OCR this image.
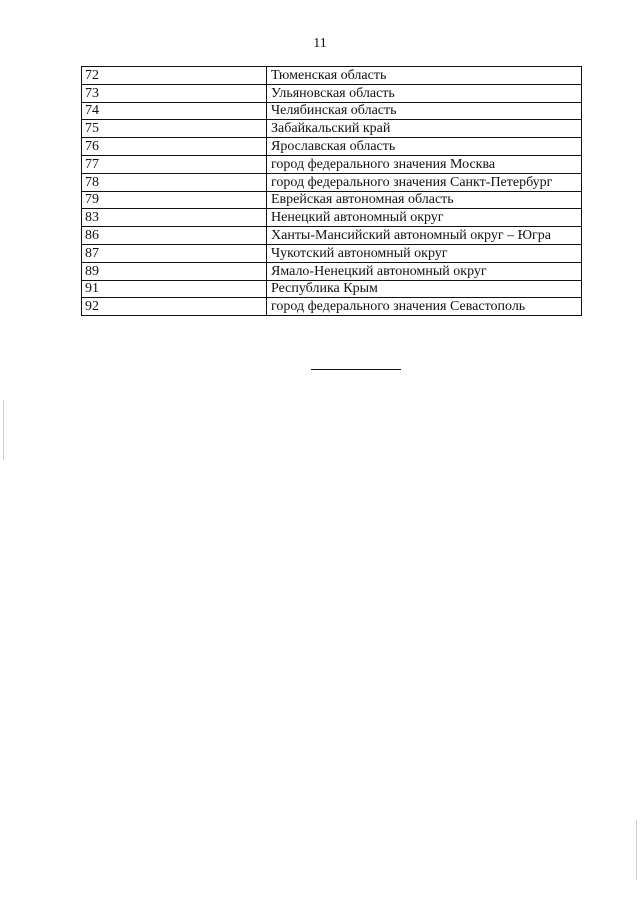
11
72	Тюменская область
73	Ульяновская область
74	Челябинская область
75	Забайкальский край
76	Ярославская область
77	город федерального значения Москва
78	город федерального значения Санкт-Петербург
79	Еврейская автономная область
83	Ненецкий автономный округ
86	Ханты-Мансийский автономный округ – Югра
87	Чукотский автономный округ
89	Ямало-Ненецкий автономный округ
91	Республика Крым
92	город федерального значения Севастополь
